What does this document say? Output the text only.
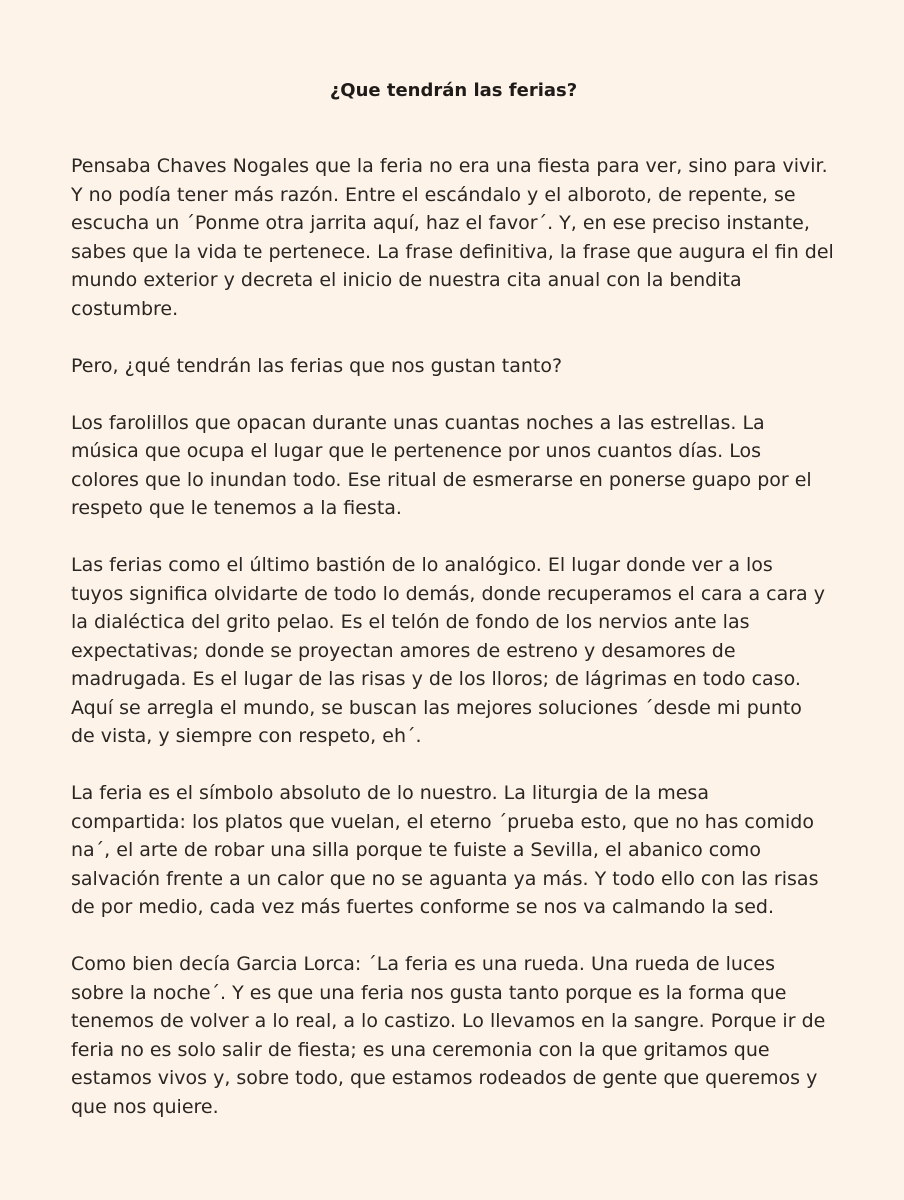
¿Que tendrán las ferias?

Pensaba Chaves Nogales que la feria no era una fiesta para ver, sino para vivir.
Y no podía tener más razón. Entre el escándalo y el alboroto, de repente, se
escucha un ´Ponme otra jarrita aquí, haz el favor´. Y, en ese preciso instante,
sabes que la vida te pertenece. La frase definitiva, la frase que augura el fin del
mundo exterior y decreta el inicio de nuestra cita anual con la bendita
costumbre.

Pero, ¿qué tendrán las ferias que nos gustan tanto?

Los farolillos que opacan durante unas cuantas noches a las estrellas. La
música que ocupa el lugar que le pertenence por unos cuantos días. Los
colores que lo inundan todo. Ese ritual de esmerarse en ponerse guapo por el
respeto que le tenemos a la fiesta.

Las ferias como el último bastión de lo analógico. El lugar donde ver a los
tuyos significa olvidarte de todo lo demás, donde recuperamos el cara a cara y
la dialéctica del grito pelao. Es el telón de fondo de los nervios ante las
expectativas; donde se proyectan amores de estreno y desamores de
madrugada. Es el lugar de las risas y de los lloros; de lágrimas en todo caso.
Aquí se arregla el mundo, se buscan las mejores soluciones ´desde mi punto
de vista, y siempre con respeto, eh´.

La feria es el símbolo absoluto de lo nuestro. La liturgia de la mesa
compartida: los platos que vuelan, el eterno ´prueba esto, que no has comido
na´, el arte de robar una silla porque te fuiste a Sevilla, el abanico como
salvación frente a un calor que no se aguanta ya más. Y todo ello con las risas
de por medio, cada vez más fuertes conforme se nos va calmando la sed.

Como bien decía Garcia Lorca: ´La feria es una rueda. Una rueda de luces
sobre la noche´. Y es que una feria nos gusta tanto porque es la forma que
tenemos de volver a lo real, a lo castizo. Lo llevamos en la sangre. Porque ir de
feria no es solo salir de fiesta; es una ceremonia con la que gritamos que
estamos vivos y, sobre todo, que estamos rodeados de gente que queremos y
que nos quiere.
